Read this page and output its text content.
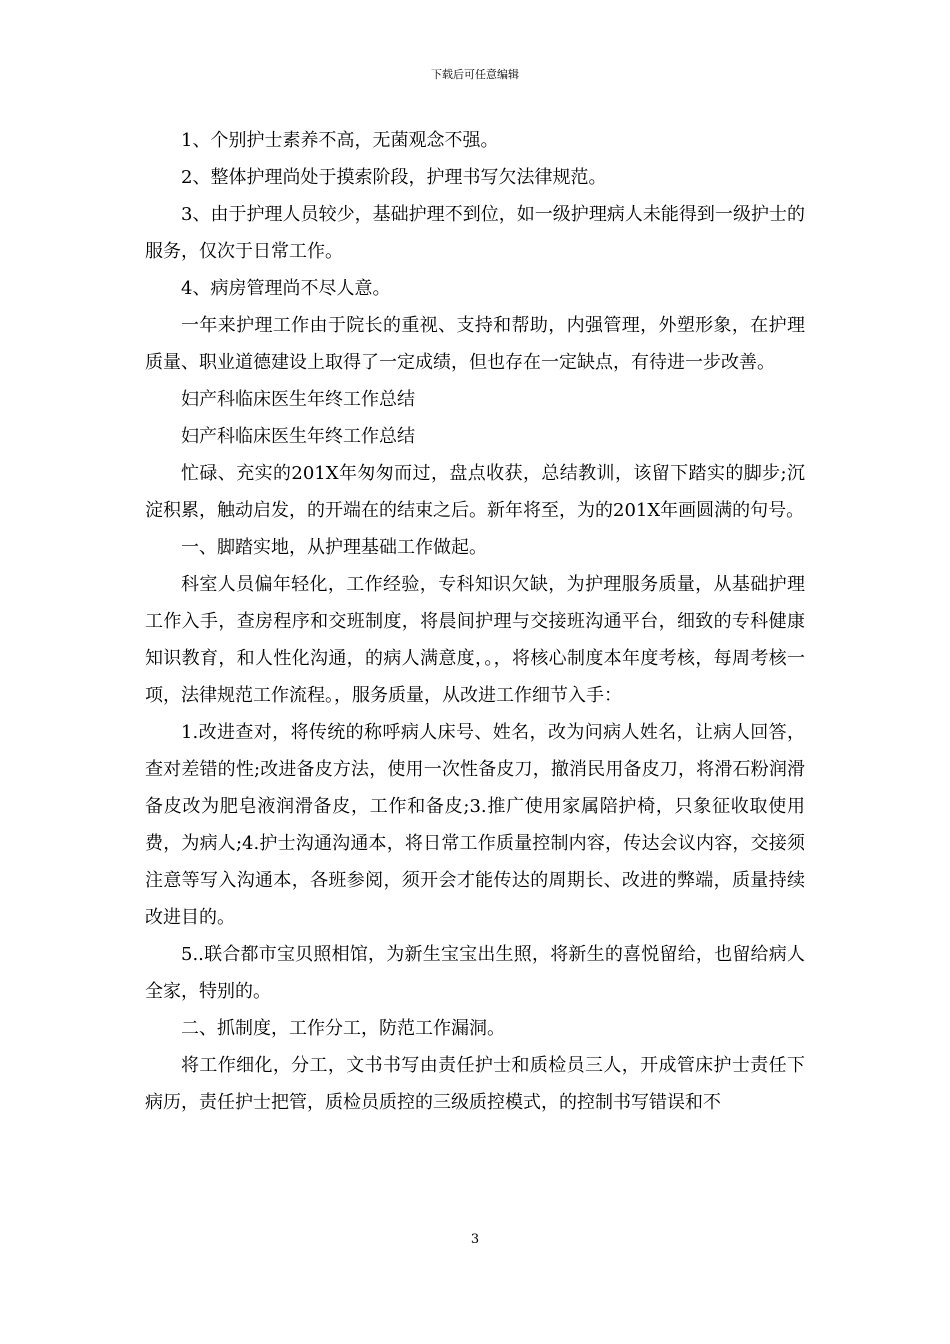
下载后可任意编辑

1、个别护士素养不高，无菌观念不强。

2、整体护理尚处于摸索阶段，护理书写欠法律规范。

3、由于护理人员较少，基础护理不到位，如一级护理病人未能得到一级护士的服务，仅次于日常工作。

4、病房管理尚不尽人意。

一年来护理工作由于院长的重视、支持和帮助，内强管理，外塑形象，在护理质量、职业道德建设上取得了一定成绩，但也存在一定缺点，有待进一步改善。

妇产科临床医生年终工作总结

妇产科临床医生年终工作总结

忙碌、充实的201X年匆匆而过，盘点收获，总结教训，该留下踏实的脚步;沉淀积累，触动启发，的开端在的结束之后。新年将至，为的201X年画圆满的句号。

一、脚踏实地，从护理基础工作做起。

科室人员偏年轻化，工作经验，专科知识欠缺，为护理服务质量，从基础护理工作入手，查房程序和交班制度，将晨间护理与交接班沟通平台，细致的专科健康知识教育，和人性化沟通，的病人满意度，。，将核心制度本年度考核，每周考核一项，法律规范工作流程。，服务质量，从改进工作细节入手：

1.改进查对，将传统的称呼病人床号、姓名，改为问病人姓名，让病人回答，查对差错的性;改进备皮方法，使用一次性备皮刀，撤消民用备皮刀，将滑石粉润滑备皮改为肥皂液润滑备皮，工作和备皮;3.推广使用家属陪护椅，只象征收取使用费，为病人;4.护士沟通沟通本，将日常工作质量控制内容，传达会议内容，交接须注意等写入沟通本，各班参阅，须开会才能传达的周期长、改进的弊端，质量持续改进目的。

5..联合都市宝贝照相馆，为新生宝宝出生照，将新生的喜悦留给，也留给病人全家，特别的。

二、抓制度，工作分工，防范工作漏洞。

将工作细化，分工，文书书写由责任护士和质检员三人，开成管床护士责任下病历，责任护士把管，质检员质控的三级质控模式，的控制书写错误和不

3
